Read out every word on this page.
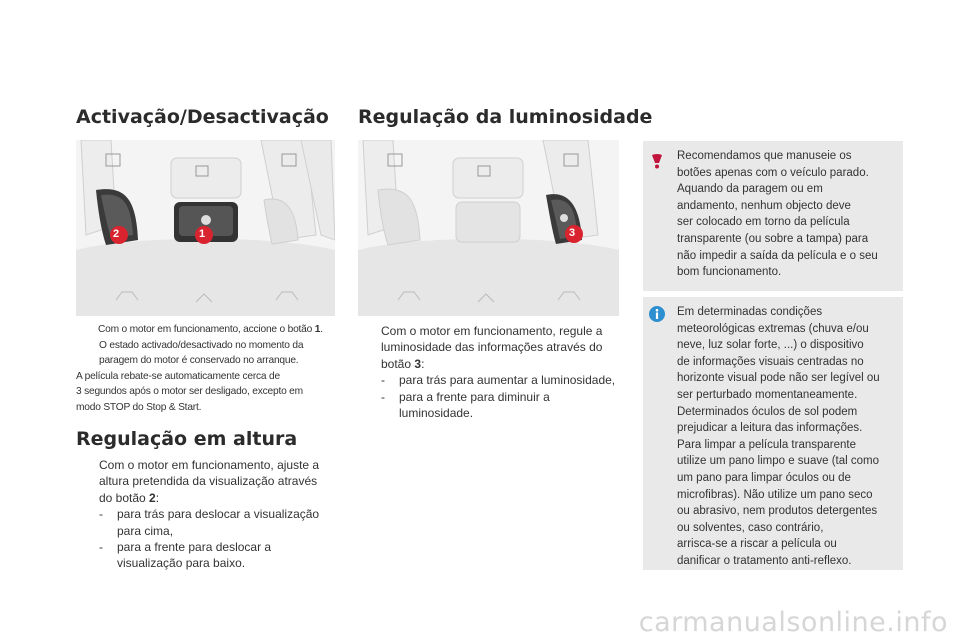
Activação/Desactivação Regulação da luminosidade
2	1	3
Com o motor em funcionamento, accione o botão 1.
O estado activado/desactivado no momento da
paragem do motor é conservado no arranque.
A película rebate-se automaticamente cerca de
3 segundos após o motor ser desligado, excepto em
modo STOP do Stop & Start.
Regulação em altura
Com o motor em funcionamento, ajuste a
altura pretendida da visualização através
do botão 2:
-	para trás para deslocar a visualização
para cima,
-	para a frente para deslocar a
visualização para baixo.
Com o motor em funcionamento, regule a
luminosidade das informações através do
botão 3:
-	para trás para aumentar a luminosidade,
-	para a frente para diminuir a
luminosidade.
Recomendamos que manuseie os
botões apenas com o veículo parado.
Aquando da paragem ou em
andamento, nenhum objecto deve
ser colocado em torno da película
transparente (ou sobre a tampa) para
não impedir a saída da película e o seu
bom funcionamento.
Em determinadas condições
meteorológicas extremas (chuva e/ou
neve, luz solar forte, ...) o dispositivo
de informações visuais centradas no
horizonte visual pode não ser legível ou
ser perturbado momentaneamente.
Determinados óculos de sol podem
prejudicar a leitura das informações.
Para limpar a película transparente
utilize um pano limpo e suave (tal como
um pano para limpar óculos ou de
microfibras). Não utilize um pano seco
ou abrasivo, nem produtos detergentes
ou solventes, caso contrário,
arrisca-se a riscar a película ou
danificar o tratamento anti-reflexo.
carmanualsonline.info
